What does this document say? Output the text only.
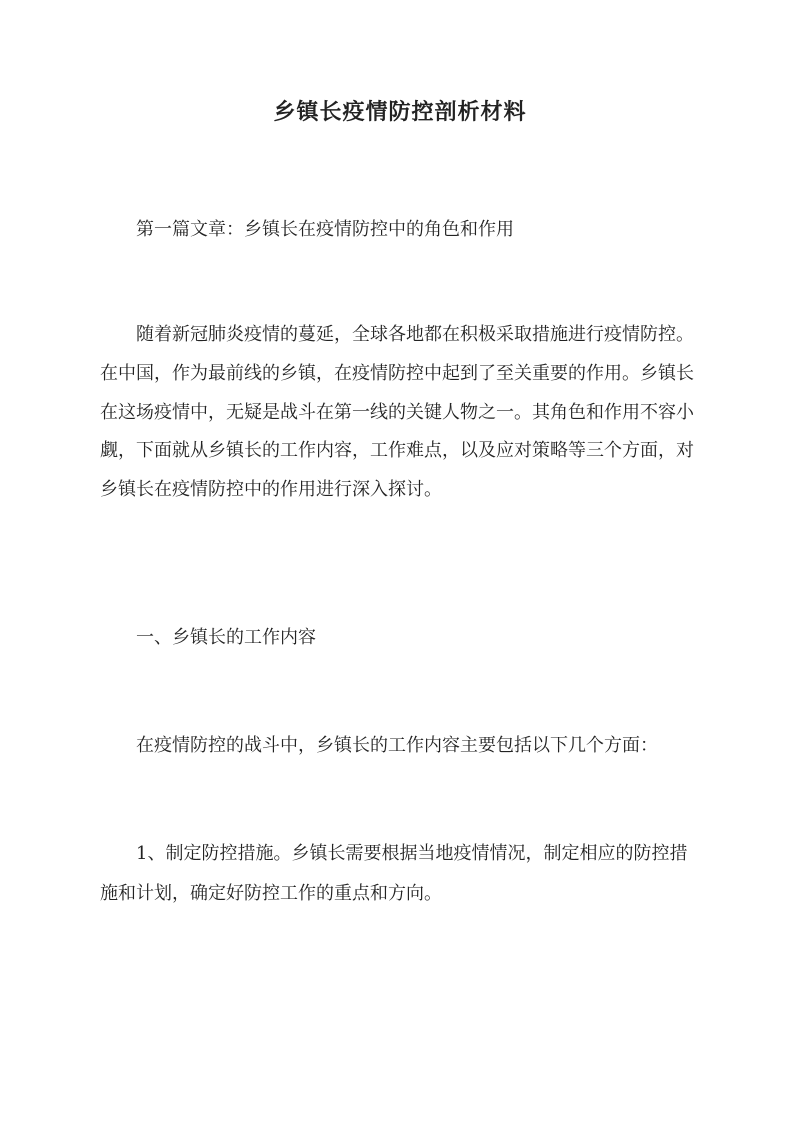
乡镇长疫情防控剖析材料
第一篇文章：乡镇长在疫情防控中的角色和作用
随着新冠肺炎疫情的蔓延，全球各地都在积极采取措施进行疫情防控。在中国，作为最前线的乡镇，在疫情防控中起到了至关重要的作用。乡镇长在这场疫情中，无疑是战斗在第一线的关键人物之一。其角色和作用不容小觑，下面就从乡镇长的工作内容，工作难点，以及应对策略等三个方面，对乡镇长在疫情防控中的作用进行深入探讨。
一、乡镇长的工作内容
在疫情防控的战斗中，乡镇长的工作内容主要包括以下几个方面：
1、制定防控措施。乡镇长需要根据当地疫情情况，制定相应的防控措施和计划，确定好防控工作的重点和方向。
